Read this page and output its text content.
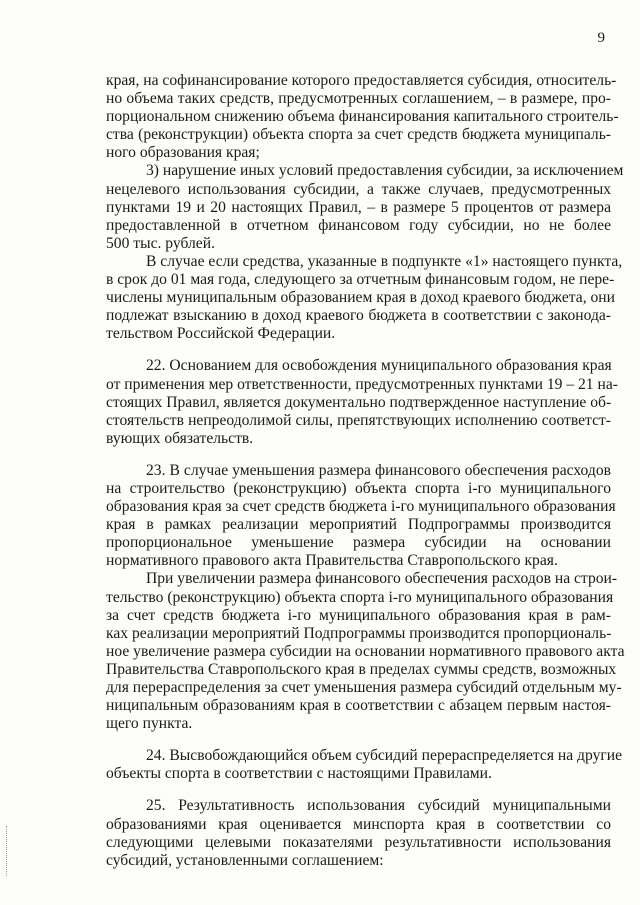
9
края, на софинансирование которого предоставляется субсидия, относитель-
но объема таких средств, предусмотренных соглашением, – в размере, про-
порциональном снижению объема финансирования капитального строитель-
ства (реконструкции) объекта спорта за счет средств бюджета муниципаль-
ного образования края;
3) нарушение иных условий предоставления субсидии, за исключением
нецелевого использования субсидии, а также случаев, предусмотренных
пунктами 19 и 20 настоящих Правил, – в размере 5 процентов от размера
предоставленной в отчетном финансовом году субсидии, но не более
500 тыс. рублей.
В случае если средства, указанные в подпункте «1» настоящего пункта,
в срок до 01 мая года, следующего за отчетным финансовым годом, не пере-
числены муниципальным образованием края в доход краевого бюджета, они
подлежат взысканию в доход краевого бюджета в соответствии с законода-
тельством Российской Федерации.
22. Основанием для освобождения муниципального образования края
от применения мер ответственности, предусмотренных пунктами 19 – 21 на-
стоящих Правил, является документально подтвержденное наступление об-
стоятельств непреодолимой силы, препятствующих исполнению соответст-
вующих обязательств.
23. В случае уменьшения размера финансового обеспечения расходов
на строительство (реконструкцию) объекта спорта i-го муниципального
образования края за счет средств бюджета i-го муниципального образования
края в рамках реализации мероприятий Подпрограммы производится
пропорциональное уменьшение размера субсидии на основании
нормативного правового акта Правительства Ставропольского края.
При увеличении размера финансового обеспечения расходов на строи-
тельство (реконструкцию) объекта спорта i-го муниципального образования
за счет средств бюджета i-го муниципального образования края в рам-
ках реализации мероприятий Подпрограммы производится пропорциональ-
ное увеличение размера субсидии на основании нормативного правового акта
Правительства Ставропольского края в пределах суммы средств, возможных
для перераспределения за счет уменьшения размера субсидий отдельным му-
ниципальным образованиям края в соответствии с абзацем первым настоя-
щего пункта.
24. Высвобождающийся объем субсидий перераспределяется на другие
объекты спорта в соответствии с настоящими Правилами.
25. Результативность использования субсидий муниципальными
образованиями края оценивается минспорта края в соответствии со
следующими целевыми показателями результативности использования
субсидий, установленными соглашением:
